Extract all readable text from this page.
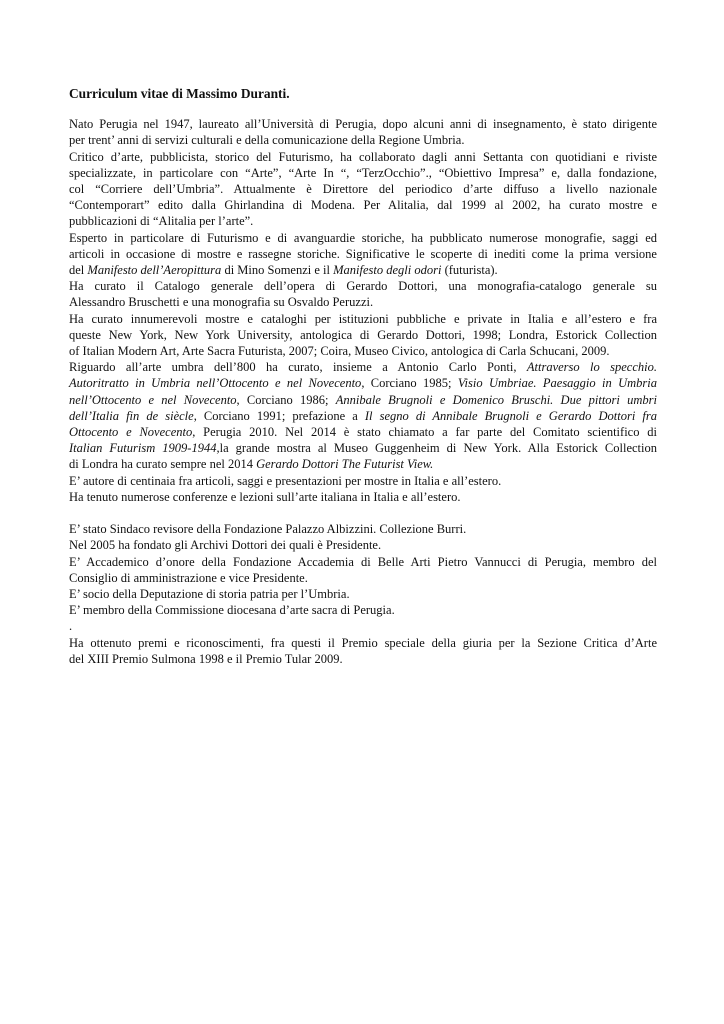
Curriculum vitae di Massimo Duranti.
Nato Perugia nel 1947, laureato all’Università di Perugia, dopo alcuni anni di insegnamento, è stato dirigente
per trent’ anni di servizi culturali e della comunicazione della Regione Umbria.
Critico d’arte, pubblicista, storico del Futurismo, ha collaborato dagli anni Settanta con quotidiani e riviste
specializzate, in particolare con “Arte”, “Arte In “, “TerzOcchio”., “Obiettivo Impresa” e, dalla fondazione,
col “Corriere dell’Umbria”. Attualmente è Direttore del periodico d’arte diffuso a livello nazionale
“Contemporart” edito dalla Ghirlandina di Modena. Per Alitalia, dal 1999 al 2002, ha curato mostre e
pubblicazioni di “Alitalia per l’arte”.
Esperto in particolare di Futurismo e di avanguardie storiche, ha pubblicato numerose monografie, saggi ed
articoli in occasione di mostre e rassegne storiche. Significative le scoperte di inediti come la prima versione
del Manifesto dell’Aeropittura di Mino Somenzi e il Manifesto degli odori (futurista).
Ha curato il Catalogo generale dell’opera di Gerardo Dottori, una monografia-catalogo generale su
Alessandro Bruschetti e una monografia su Osvaldo Peruzzi.
Ha curato innumerevoli mostre e cataloghi per istituzioni pubbliche e private in Italia e all’estero e fra
queste New York, New York University, antologica di Gerardo Dottori, 1998; Londra, Estorick Collection
of Italian Modern Art, Arte Sacra Futurista, 2007; Coira, Museo Civico, antologica di Carla Schucani, 2009.
Riguardo all’arte umbra dell’800 ha curato, insieme a Antonio Carlo Ponti, Attraverso lo specchio.
Autoritratto in Umbria nell’Ottocento e nel Novecento, Corciano 1985; Visio Umbriae. Paesaggio in Umbria
nell’Ottocento e nel Novecento, Corciano 1986; Annibale Brugnoli e Domenico Bruschi. Due pittori umbri
dell’Italia fin de siècle, Corciano 1991; prefazione a Il segno di Annibale Brugnoli e Gerardo Dottori fra
Ottocento e Novecento, Perugia 2010. Nel 2014 è stato chiamato a far parte del Comitato scientifico di
Italian Futurism 1909-1944,la grande mostra al Museo Guggenheim di New York. Alla Estorick Collection
di Londra ha curato sempre nel 2014 Gerardo Dottori The Futurist View.
E’ autore di centinaia fra articoli, saggi e presentazioni per mostre in Italia e all’estero.
Ha tenuto numerose conferenze e lezioni sull’arte italiana in Italia e all’estero.
E’ stato Sindaco revisore della Fondazione Palazzo Albizzini. Collezione Burri.
Nel 2005 ha fondato gli Archivi Dottori dei quali è Presidente.
E’ Accademico d’onore della Fondazione Accademia di Belle Arti Pietro Vannucci di Perugia, membro del
Consiglio di amministrazione e vice Presidente.
E’ socio della Deputazione di storia patria per l’Umbria.
E’ membro della Commissione diocesana d’arte sacra di Perugia.
.
Ha ottenuto premi e riconoscimenti, fra questi il Premio speciale della giuria per la Sezione Critica d’Arte
del XIII Premio Sulmona 1998 e il Premio Tular 2009.
